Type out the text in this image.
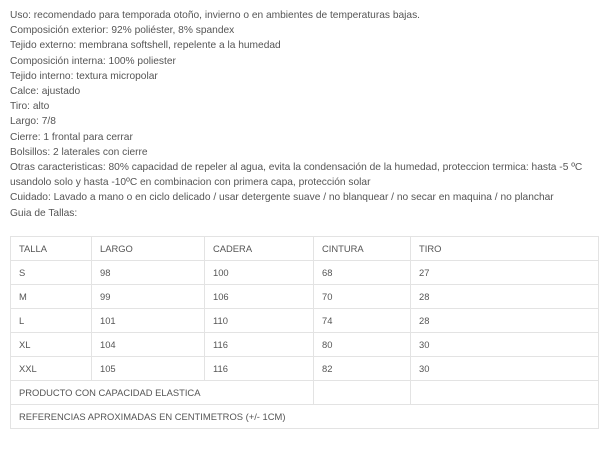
Uso: recomendado para temporada otoño, invierno o en ambientes de temperaturas bajas.

Composición exterior: 92% poliéster, 8% spandex

Tejido externo: membrana softshell, repelente a la humedad

Composición interna: 100% poliester

Tejido interno: textura micropolar

Calce: ajustado

Tiro: alto

Largo: 7/8

Cierre: 1 frontal para cerrar

Bolsillos: 2 laterales con cierre

Otras caracteristicas: 80% capacidad de repeler al agua, evita la condensación de la humedad, proteccion termica: hasta -5 ºC

usandolo solo y hasta -10ºC en combinacion con primera capa, protección solar

Cuidado: Lavado a mano o en ciclo delicado / usar detergente suave / no blanquear / no secar en maquina / no planchar

Guia de Tallas:

TALLA	LARGO	CADERA	CINTURA	TIRO
S	98	100	68	27
M	99	106	70	28
L	101	110	74	28
XL	104	116	80	30
XXL	105	116	82	30
PRODUCTO CON CAPACIDAD ELASTICA				
REFERENCIAS APROXIMADAS EN CENTIMETROS (+/- 1CM)				
